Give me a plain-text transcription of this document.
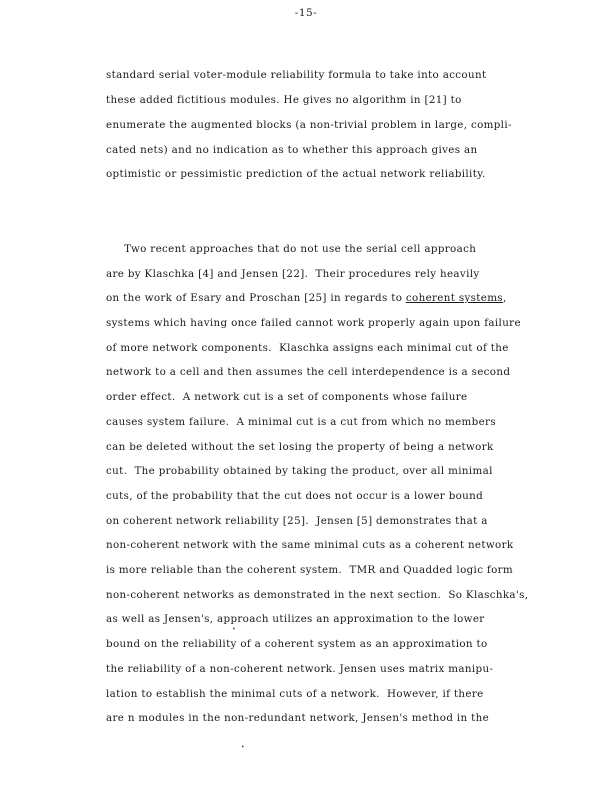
-15-
standard serial voter-module reliability formula to take into account
these added fictitious modules. He gives no algorithm in [21] to
enumerate the augmented blocks (a non-trivial problem in large, compli-
cated nets) and no indication as to whether this approach gives an
optimistic or pessimistic prediction of the actual network reliability.
Two recent approaches that do not use the serial cell approach
are by Klaschka [4] and Jensen [22].  Their procedures rely heavily
on the work of Esary and Proschan [25] in regards to coherent systems,
systems which having once failed cannot work properly again upon failure
of more network components.  Klaschka assigns each minimal cut of the
network to a cell and then assumes the cell interdependence is a second
order effect.  A network cut is a set of components whose failure
causes system failure.  A minimal cut is a cut from which no members
can be deleted without the set losing the property of being a network
cut.  The probability obtained by taking the product, over all minimal
cuts, of the probability that the cut does not occur is a lower bound
on coherent network reliability [25].  Jensen [5] demonstrates that a
non-coherent network with the same minimal cuts as a coherent network
is more reliable than the coherent system.  TMR and Quadded logic form
non-coherent networks as demonstrated in the next section.  So Klaschka's,
as well as Jensen's, approach utilizes an approximation to the lower
bound on the reliability of a coherent system as an approximation to
the reliability of a non-coherent network. Jensen uses matrix manipu-
lation to establish the minimal cuts of a network.  However, if there
are n modules in the non-redundant network, Jensen's method in the
•
•
